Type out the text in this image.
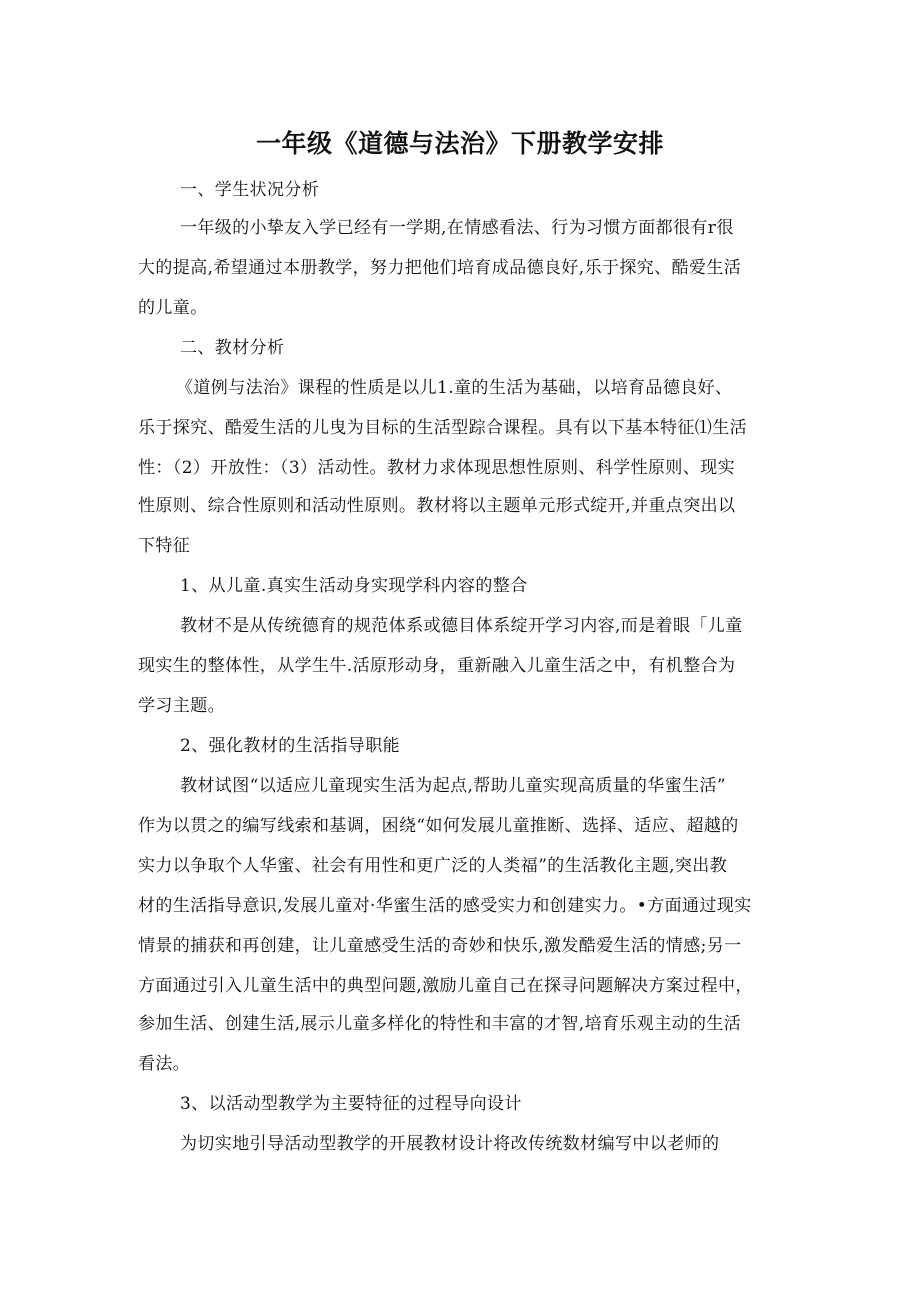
一年级《道德与法治》下册教学安排

一、学生状况分析

一年级的小挚友入学已经有一学期,在情感看法、行为习惯方面都很有r很

大的提高,希望通过本册教学，努力把他们培育成品德良好,乐于探究、酷爱生活

的儿童。

二、教材分析

《道例与法治》课程的性质是以儿1.童的生活为基础，以培育品德良好、

乐于探究、酷爱生活的儿曳为目标的生活型踪合课程。具有以下基本特征⑴生活

性：（2）开放性：（3）活动性。教材力求体现思想性原则、科学性原则、现实

性原则、综合性原则和活动性原则。教材将以主题单元形式绽开,并重点突出以

下特征

1、从儿童.真实生活动身实现学科内容的整合

教材不是从传统德育的规范体系或德目体系绽开学习内容,而是着眼「儿童

现实生的整体性，从学生牛.活原形动身，重新融入儿童生活之中，有机整合为

学习主题。

2、强化教材的生活指导职能

教材试图“以适应儿童现实生活为起点,帮助儿童实现高质量的华蜜生活”

作为以贯之的编写线索和基调，困绕“如何发展儿童推断、选择、适应、超越的

实力以争取个人华蜜、社会有用性和更广泛的人类福”的生活教化主题,突出教

材的生活指导意识,发展儿童对·华蜜生活的感受实力和创建实力。•方面通过现实

情景的捕获和再创建，让儿童感受生活的奇妙和快乐,激发酷爱生活的情感;另一

方面通过引入儿童生活中的典型问题,激励儿童自己在探寻问题解决方案过程中，

参加生活、创建生活,展示儿童多样化的特性和丰富的才智,培育乐观主动的生活

看法。

3、以活动型教学为主要特征的过程导向设计

为切实地引导活动型教学的开展教材设计将改传统数材编写中以老师的
